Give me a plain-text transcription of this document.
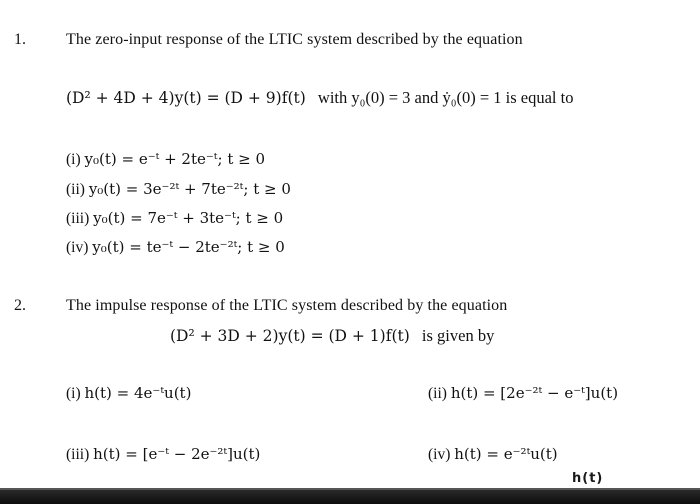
1.	The zero-input response of the LTIC system described by the equation
(D² + 4D + 4)y(t) = (D + 9)f(t) with y₀(0) = 3 and ẏ₀(0) = 1 is equal to
(i) y₀(t) = e⁻ᵗ + 2te⁻ᵗ; t ≥ 0
(ii) y₀(t) = 3e⁻²ᵗ + 7te⁻²ᵗ; t ≥ 0
(iii) y₀(t) = 7e⁻ᵗ + 3te⁻ᵗ; t ≥ 0
(iv) y₀(t) = te⁻ᵗ − 2te⁻²ᵗ; t ≥ 0
2.	The impulse response of the LTIC system described by the equation
(D² + 3D + 2)y(t) = (D + 1)f(t) is given by
(i) h(t) = 4e⁻ᵗu(t)	(ii) h(t) = [2e⁻²ᵗ − e⁻ᵗ]u(t)
(iii) h(t) = [e⁻ᵗ − 2e⁻²ᵗ]u(t)	(iv) h(t) = e⁻²ᵗu(t)
h(t)
